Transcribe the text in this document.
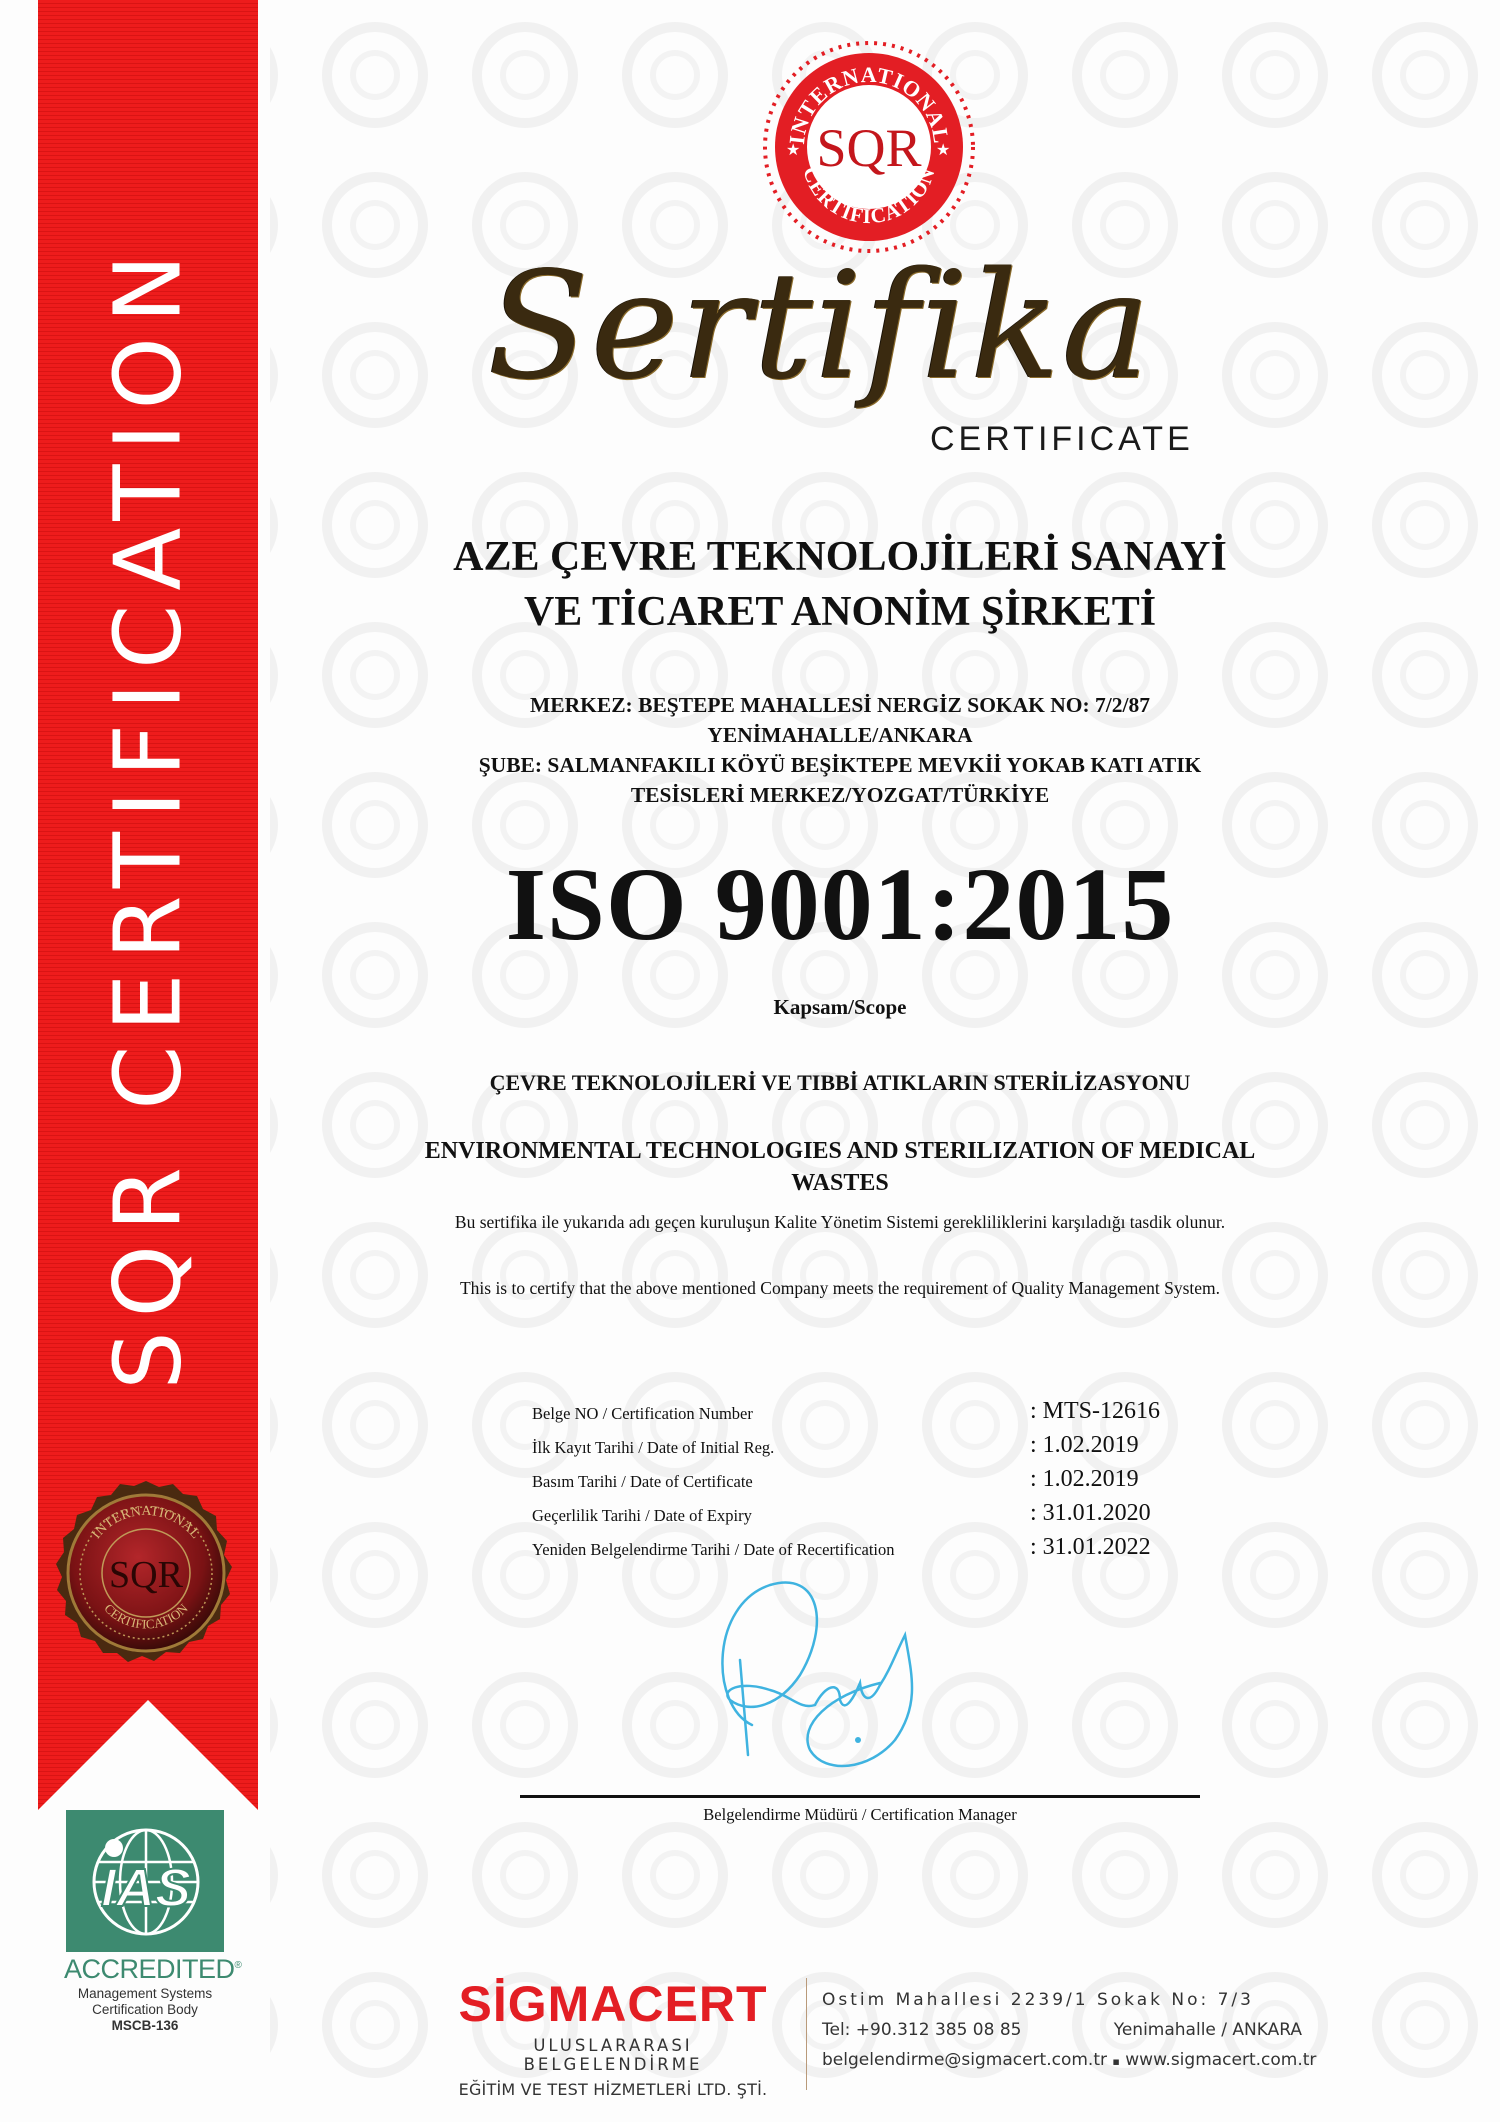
SQR CERTIFICATION
INTERNATIONAL
CERTIFICATION
SQR
IAS
ACCREDITED®
Management Systems
Certification Body
MSCB-136
INTERNATIONAL
CERTIFICATION
★	★
SQR
Sertifika
CERTIFICATE
AZE ÇEVRE TEKNOLOJİLERİ SANAYİ
VE TİCARET ANONİM ŞİRKETİ
MERKEZ: BEŞTEPE MAHALLESİ NERGİZ SOKAK NO: 7/2/87
YENİMAHALLE/ANKARA
ŞUBE: SALMANFAKILI KÖYÜ BEŞİKTEPE MEVKİİ YOKAB KATI ATIK
TESİSLERİ MERKEZ/YOZGAT/TÜRKİYE
ISO 9001:2015
Kapsam/Scope
ÇEVRE TEKNOLOJİLERİ VE TIBBİ ATIKLARIN STERİLİZASYONU
ENVIRONMENTAL TECHNOLOGIES AND STERILIZATION OF MEDICAL
WASTES
Bu sertifika ile yukarıda adı geçen kuruluşun Kalite Yönetim Sistemi gerekliliklerini karşıladığı tasdik olunur.
This is to certify that the above mentioned Company meets the requirement of Quality Management System.
Belge NO / Certification Number	: MTS-12616
İlk Kayıt Tarihi / Date of Initial Reg.	: 1.02.2019
Basım Tarihi / Date of Certificate	: 1.02.2019
Geçerlilik Tarihi / Date of Expiry	: 31.01.2020
Yeniden Belgelendirme Tarihi / Date of Recertification	: 31.01.2022
Belgelendirme Müdürü / Certification Manager
SİGMACERT
ULUSLARARASI BELGELENDİRME
EĞİTİM VE TEST HİZMETLERİ LTD. ŞTİ.
Ostim Mahallesi 2239/1 Sokak No: 7/3
Tel: +90.312 385 08 85	Yenimahalle / ANKARA
belgelendirme@sigmacert.com.tr ▪ www.sigmacert.com.tr
